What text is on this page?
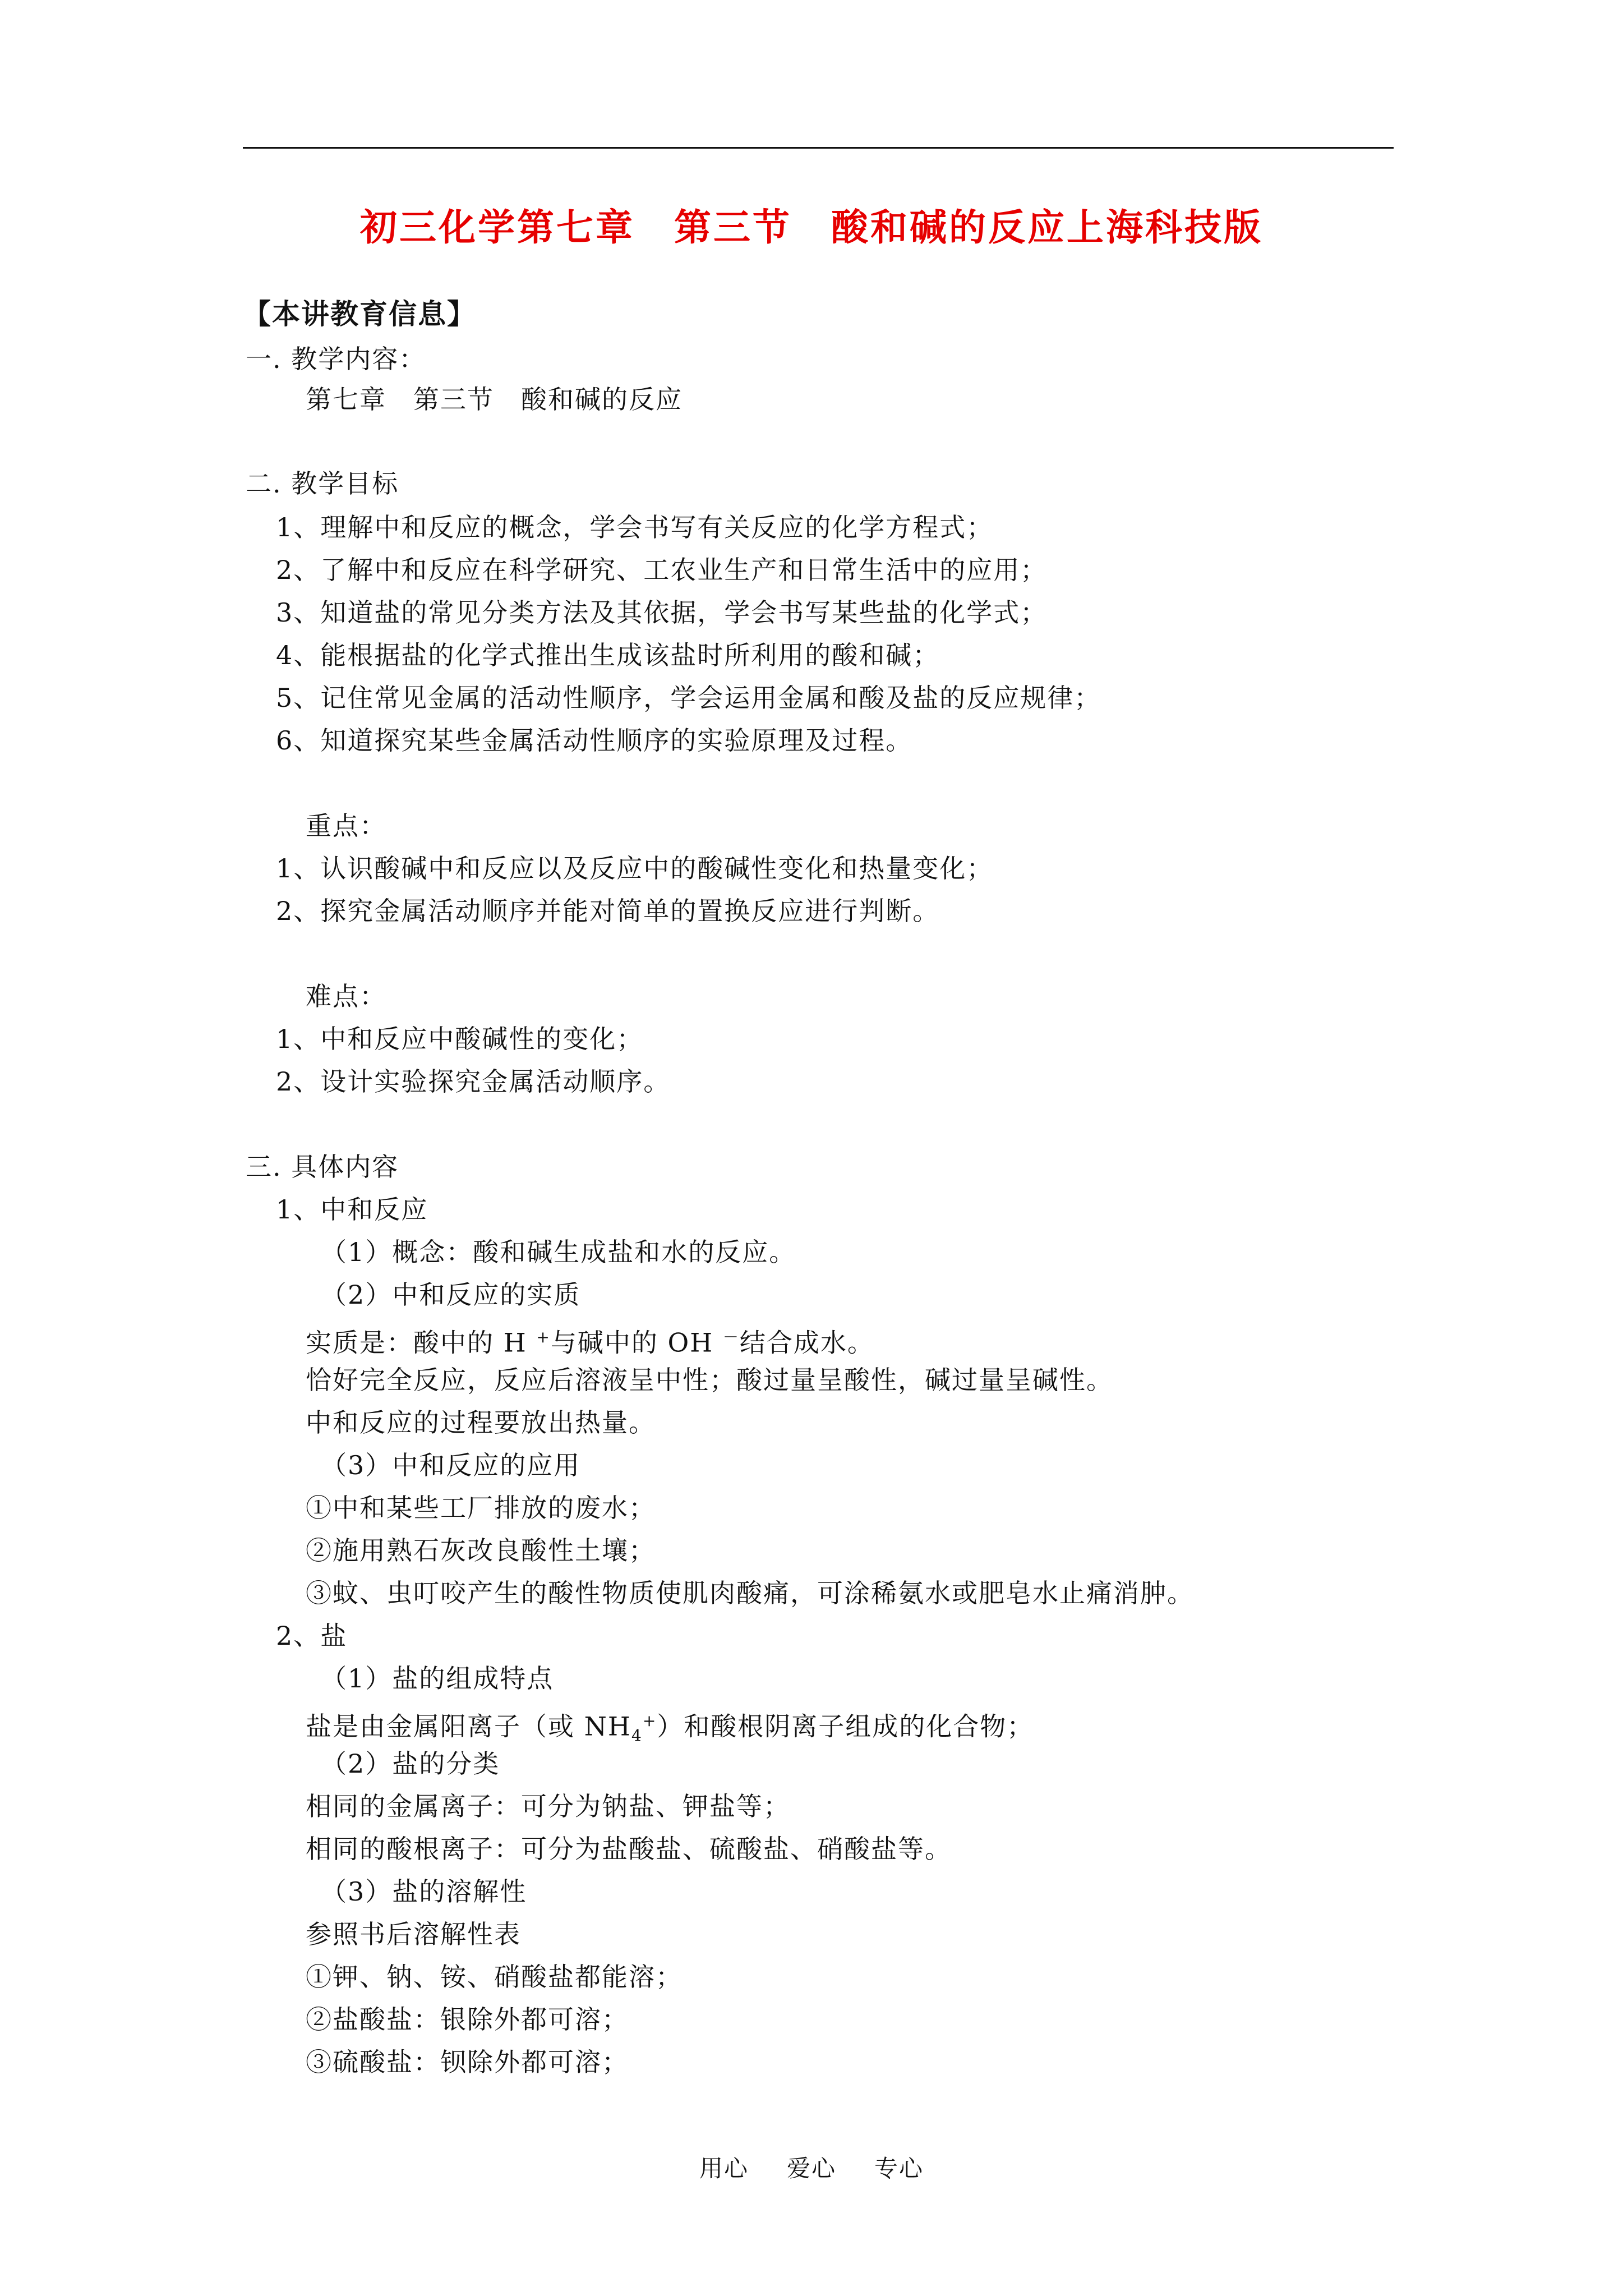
初三化学第七章　第三节　酸和碱的反应上海科技版
【本讲教育信息】
一. 教学内容：
第七章　第三节　酸和碱的反应
二. 教学目标
1、理解中和反应的概念，学会书写有关反应的化学方程式；
2、了解中和反应在科学研究、工农业生产和日常生活中的应用；
3、知道盐的常见分类方法及其依据，学会书写某些盐的化学式；
4、能根据盐的化学式推出生成该盐时所利用的酸和碱；
5、记住常见金属的活动性顺序，学会运用金属和酸及盐的反应规律；
6、知道探究某些金属活动性顺序的实验原理及过程。
重点：
1、认识酸碱中和反应以及反应中的酸碱性变化和热量变化；
2、探究金属活动顺序并能对简单的置换反应进行判断。
难点：
1、中和反应中酸碱性的变化；
2、设计实验探究金属活动顺序。
三. 具体内容
1、中和反应
（1）概念：酸和碱生成盐和水的反应。
（2）中和反应的实质
实质是：酸中的 H +与碱中的 OH －结合成水。
恰好完全反应，反应后溶液呈中性；酸过量呈酸性，碱过量呈碱性。
中和反应的过程要放出热量。
（3）中和反应的应用
①中和某些工厂排放的废水；
②施用熟石灰改良酸性土壤；
③蚊、虫叮咬产生的酸性物质使肌肉酸痛，可涂稀氨水或肥皂水止痛消肿。
2、盐
（1）盐的组成特点
盐是由金属阳离子（或 $NH_4^+$）和酸根阴离子组成的化合物；
（2）盐的分类
相同的金属离子：可分为钠盐、钾盐等；
相同的酸根离子：可分为盐酸盐、硫酸盐、硝酸盐等。
（3）盐的溶解性
参照书后溶解性表
①钾、钠、铵、硝酸盐都能溶；
②盐酸盐：银除外都可溶；
③硫酸盐：钡除外都可溶；
用心 爱心 专心
